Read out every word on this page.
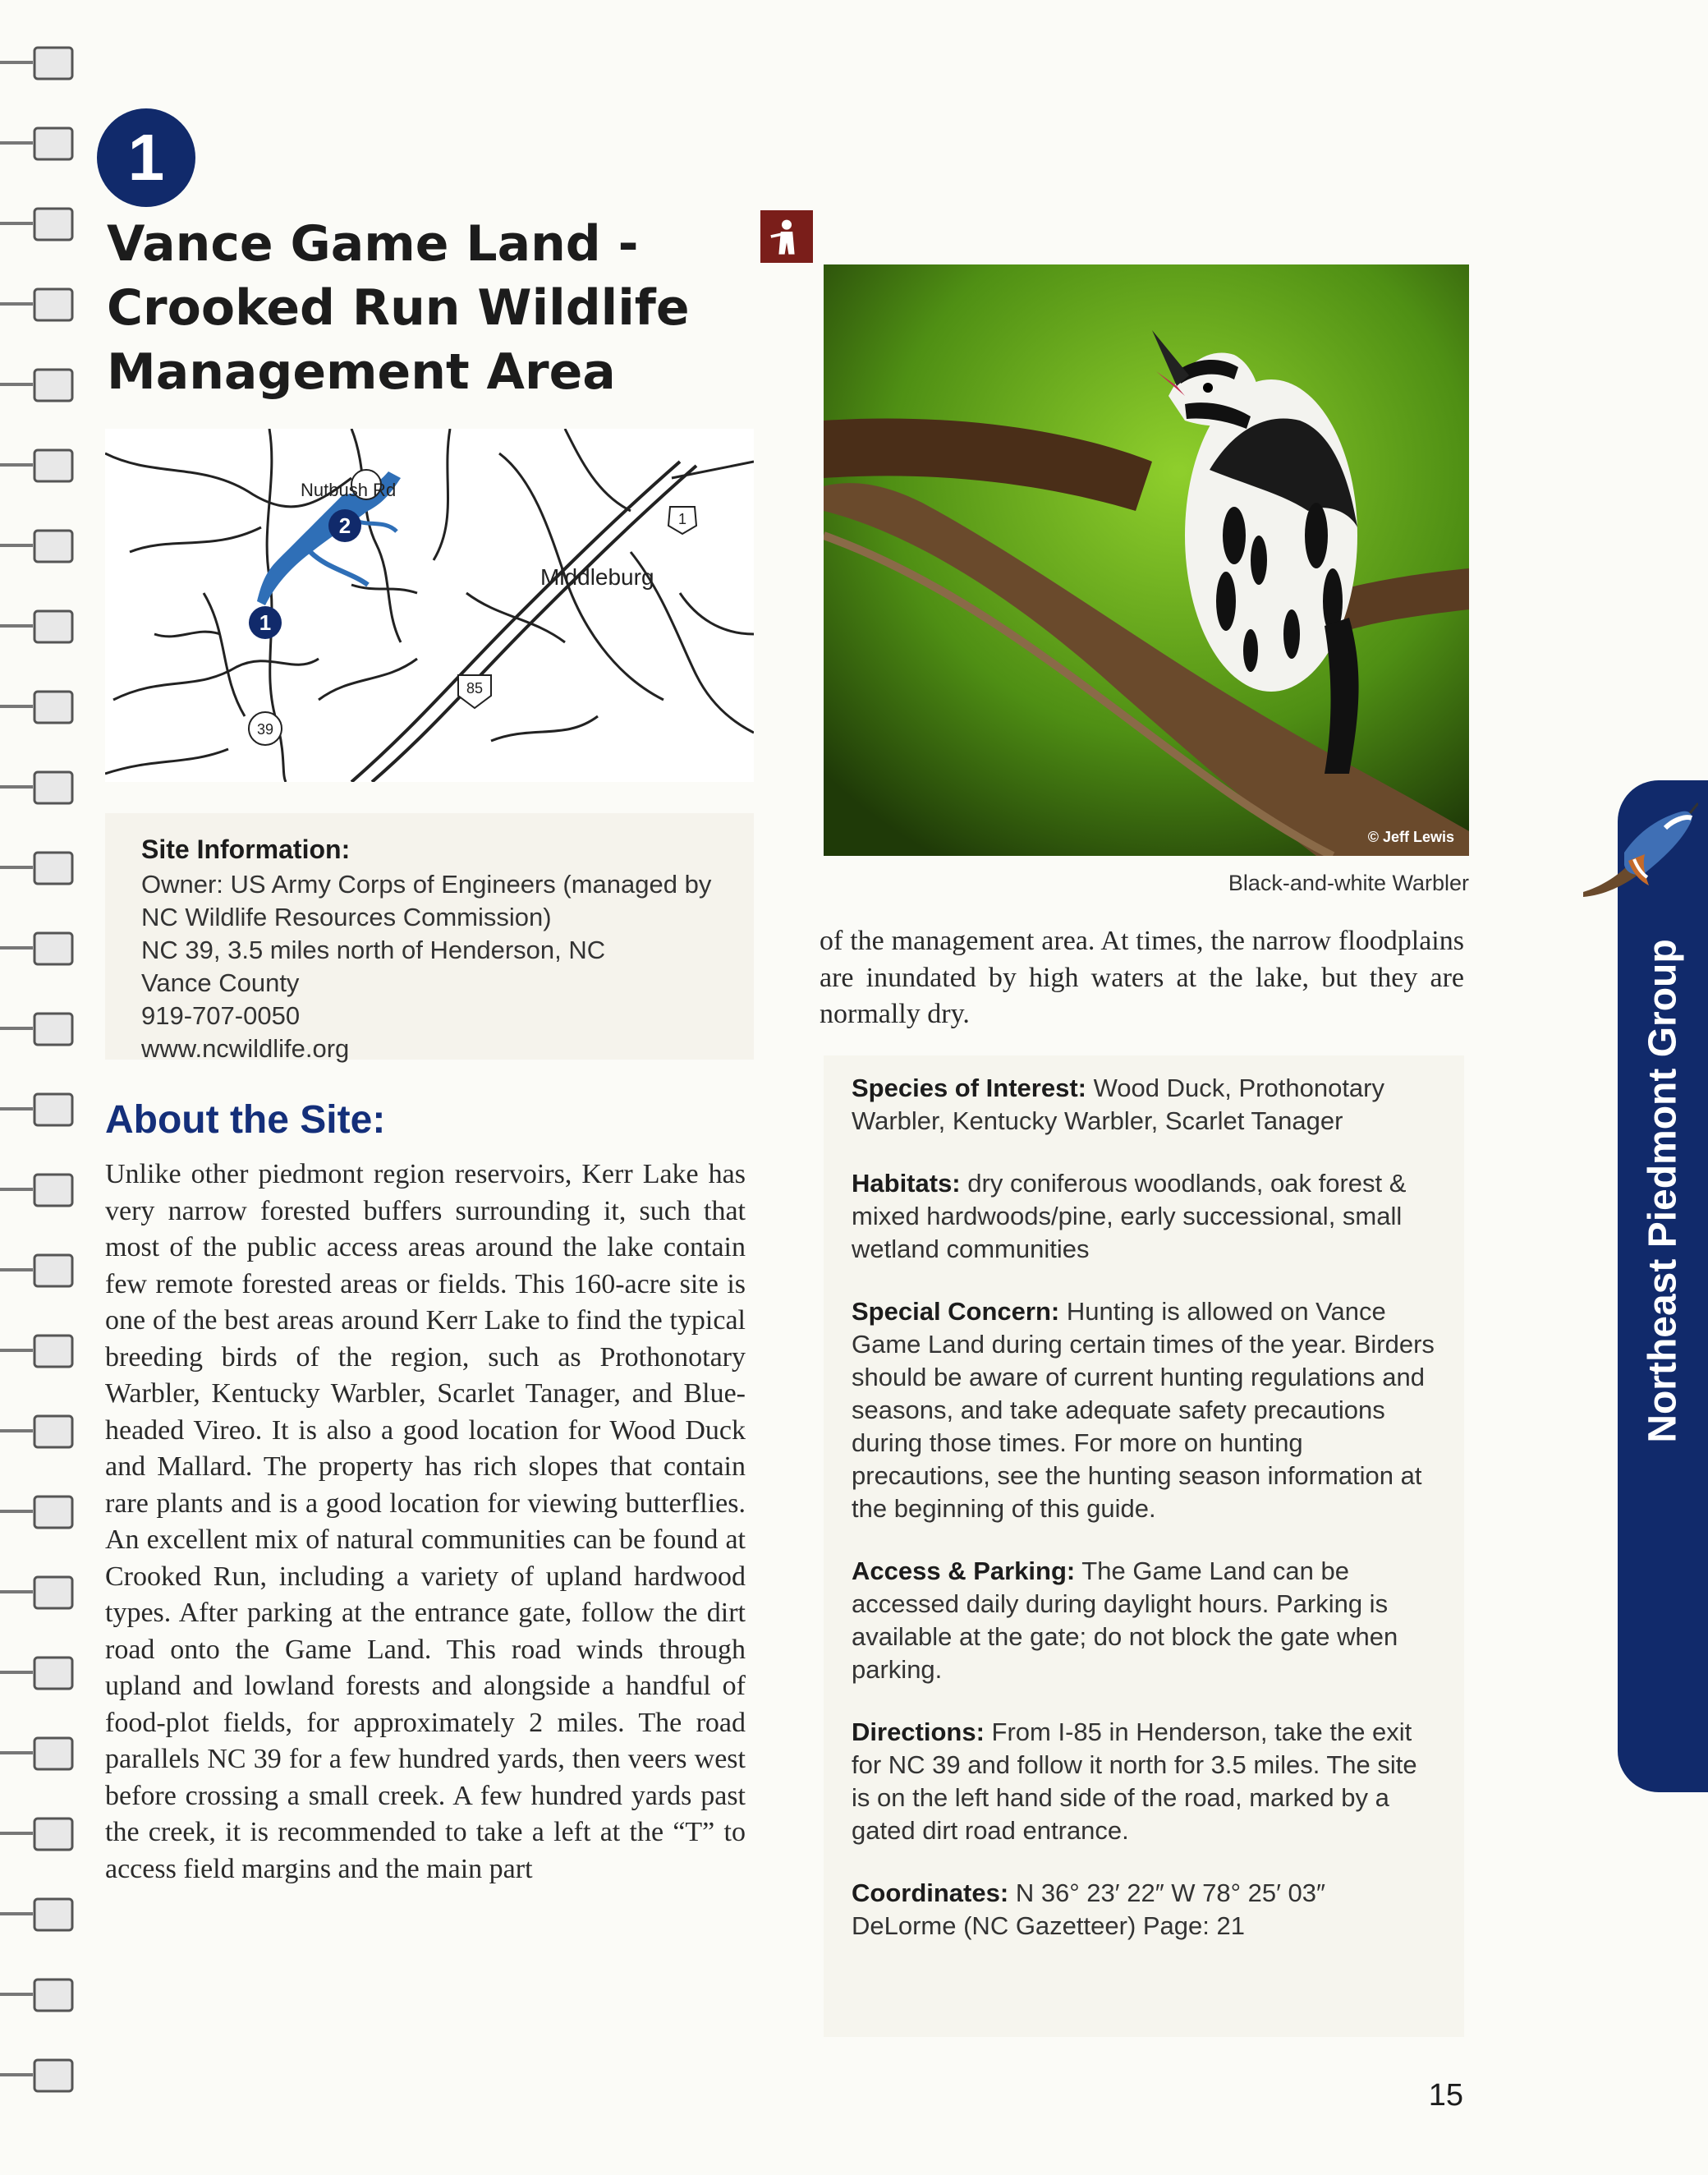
1
Vance Game Land - Crooked Run Wildlife Management Area
2
1
Nutbush Rd
Middleburg
85
39
1
Site Information:

Owner: US Army Corps of Engineers (managed by NC Wildlife Resources Commission)

NC 39, 3.5 miles north of Henderson, NC

Vance County

919-707-0050

www.ncwildlife.org

About the Site:

Unlike other piedmont region reservoirs, Kerr Lake has very narrow forested buffers surrounding it, such that most of the public access areas around the lake contain few remote forested areas or fields. This 160-acre site is one of the best areas around Kerr Lake to find the typical breeding birds of the region, such as Prothonotary Warbler, Kentucky Warbler, Scarlet Tanager, and Blue-headed Vireo. It is also a good location for Wood Duck and Mallard. The property has rich slopes that contain rare plants and is a good location for viewing butterflies. An excellent mix of natural communities can be found at Crooked Run, including a variety of upland hardwood types. After parking at the entrance gate, follow the dirt road onto the Game Land. This road winds through upland and lowland forests and alongside a handful of food-plot fields, for approximately 2 miles. The road parallels NC 39 for a few hundred yards, then veers west before crossing a small creek. A few hundred yards past the creek, it is recommended to take a left at the “T” to access field margins and the main part

© Jeff Lewis
Black-and-white Warbler

of the management area. At times, the narrow floodplains are inundated by high waters at the lake, but they are normally dry.

Species of Interest: Wood Duck, Prothonotary Warbler, Kentucky Warbler, Scarlet Tanager

Habitats: dry coniferous woodlands, oak forest & mixed hardwoods/pine, early successional, small wetland communities

Special Concern: Hunting is allowed on Vance Game Land during certain times of the year. Birders should be aware of current hunting regulations and seasons, and take adequate safety precautions during those times. For more on hunting precautions, see the hunting season information at the beginning of this guide.

Access & Parking: The Game Land can be accessed daily during daylight hours. Parking is available at the gate; do not block the gate when parking.

Directions: From I-85 in Henderson, take the exit for NC 39 and follow it north for 3.5 miles. The site is on the left hand side of the road, marked by a gated dirt road entrance.

Coordinates: N 36° 23′ 22″ W 78° 25′ 03″
DeLorme (NC Gazetteer) Page: 21

Northeast Piedmont Group
15
